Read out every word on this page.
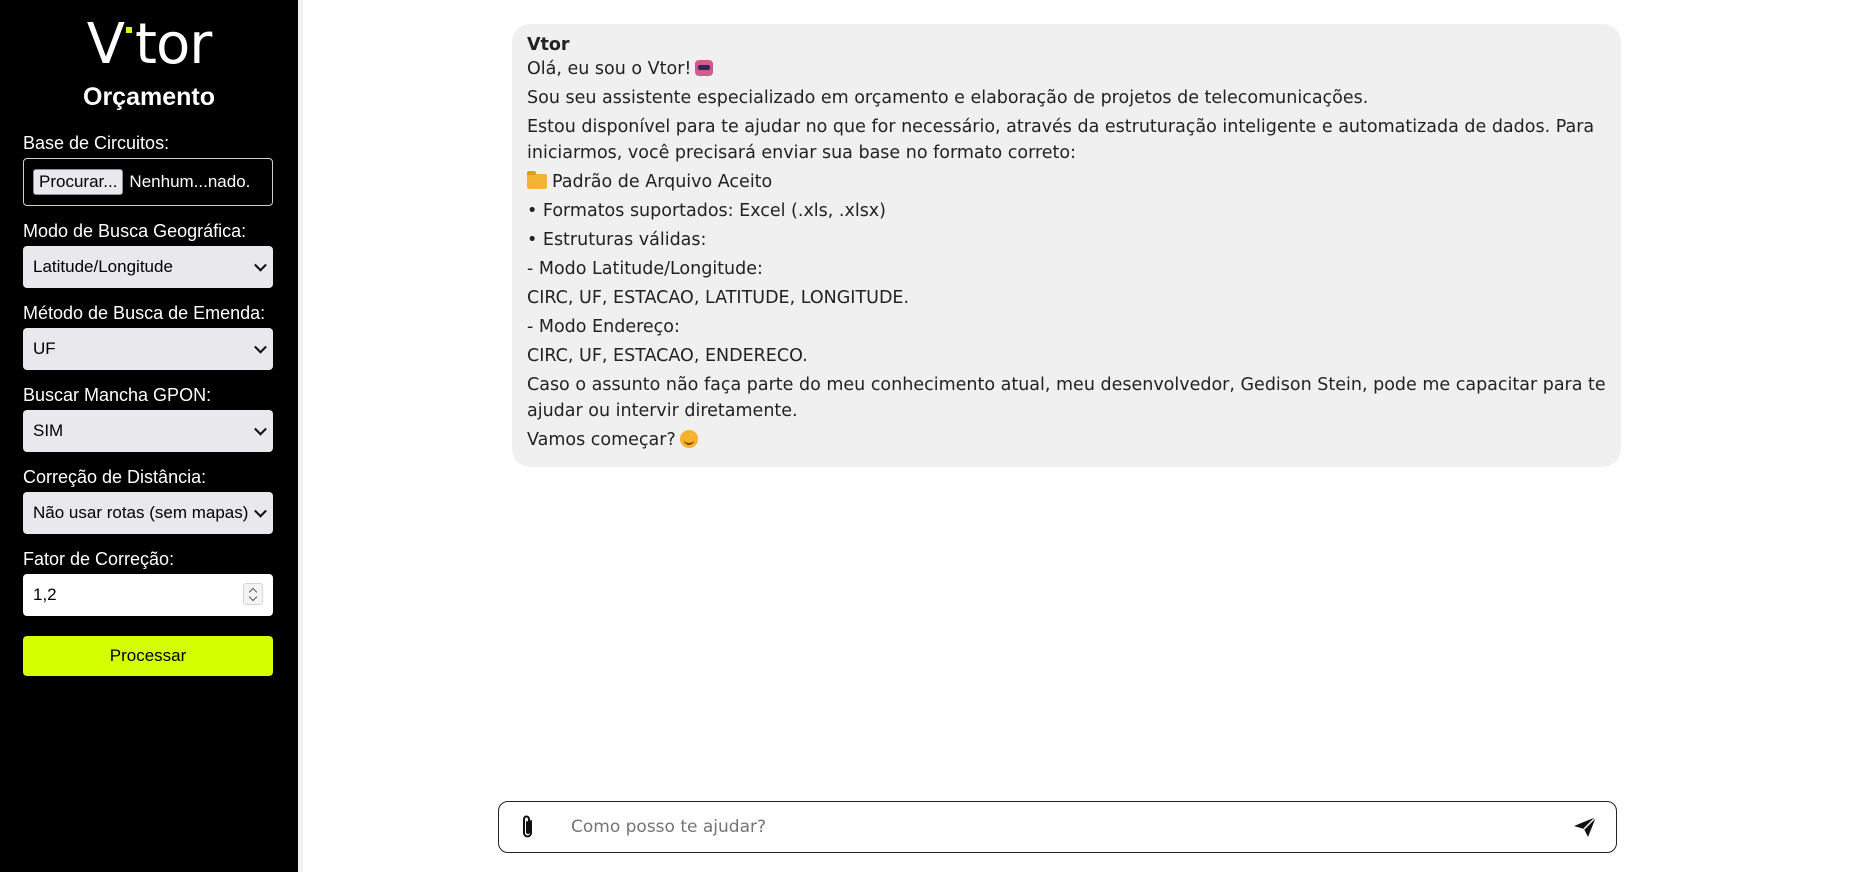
V tor
Orçamento
Base de Circuitos:
Procurar... Nenhum...nado.
Modo de Busca Geográfica:
Latitude/Longitude
Método de Busca de Emenda:
UF
Buscar Mancha GPON:
SIM
Correção de Distância:
Não usar rotas (sem mapas)
Fator de Correção:
1,2
Processar
Vtor
Olá, eu sou o Vtor!
Sou seu assistente especializado em orçamento e elaboração de projetos de telecomunicações.
Estou disponível para te ajudar no que for necessário, através da estruturação inteligente e automatizada de dados. Para iniciarmos, você precisará enviar sua base no formato correto:
Padrão de Arquivo Aceito
• Formatos suportados: Excel (.xls, .xlsx)
• Estruturas válidas:
- Modo Latitude/Longitude:
CIRC, UF, ESTACAO, LATITUDE, LONGITUDE.
- Modo Endereço:
CIRC, UF, ESTACAO, ENDERECO.
Caso o assunto não faça parte do meu conhecimento atual, meu desenvolvedor, Gedison Stein, pode me capacitar para te ajudar ou intervir diretamente.
Vamos começar?
Como posso te ajudar?
